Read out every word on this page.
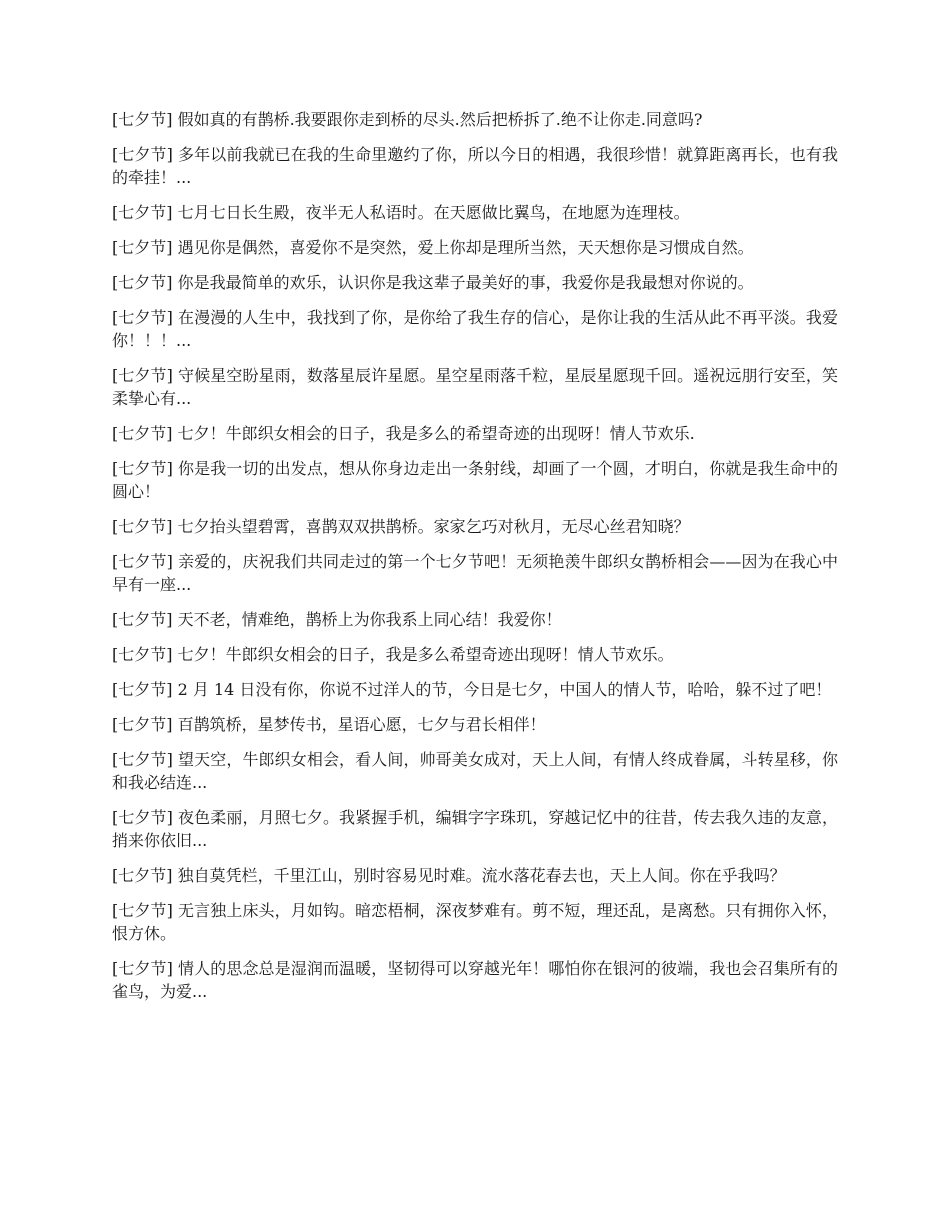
[七夕节] 假如真的有鹊桥.我要跟你走到桥的尽头.然后把桥拆了.绝不让你走.同意吗?

[七夕节] 多年以前我就已在我的生命里邀约了你，所以今日的相遇，我很珍惜！就算距离再长，也有我的牵挂！...

[七夕节] 七月七日长生殿，夜半无人私语时。在天愿做比翼鸟，在地愿为连理枝。

[七夕节] 遇见你是偶然，喜爱你不是突然，爱上你却是理所当然，天天想你是习惯成自然。

[七夕节] 你是我最简单的欢乐，认识你是我这辈子最美好的事，我爱你是我最想对你说的。

[七夕节] 在漫漫的人生中，我找到了你，是你给了我生存的信心，是你让我的生活从此不再平淡。我爱你！！！...

[七夕节] 守候星空盼星雨，数落星辰许星愿。星空星雨落千粒，星辰星愿现千回。遥祝远朋行安至，笑柔挚心有...

[七夕节] 七夕！牛郎织女相会的日子，我是多么的希望奇迹的出现呀！情人节欢乐.

[七夕节] 你是我一切的出发点，想从你身边走出一条射线，却画了一个圆，才明白，你就是我生命中的圆心！

[七夕节] 七夕抬头望碧霄，喜鹊双双拱鹊桥。家家乞巧对秋月，无尽心丝君知晓？

[七夕节] 亲爱的，庆祝我们共同走过的第一个七夕节吧！无须艳羡牛郎织女鹊桥相会——因为在我心中早有一座...

[七夕节] 天不老，情难绝，鹊桥上为你我系上同心结！我爱你！

[七夕节] 七夕！牛郎织女相会的日子，我是多么希望奇迹出现呀！情人节欢乐。

[七夕节] 2 月 14 日没有你，你说不过洋人的节，今日是七夕，中国人的情人节，哈哈，躲不过了吧！

[七夕节] 百鹊筑桥，星梦传书，星语心愿，七夕与君长相伴！

[七夕节] 望天空，牛郎织女相会，看人间，帅哥美女成对，天上人间，有情人终成眷属，斗转星移，你和我必结连...

[七夕节] 夜色柔丽，月照七夕。我紧握手机，编辑字字珠玑，穿越记忆中的往昔，传去我久违的友意，捎来你依旧...

[七夕节] 独自莫凭栏，千里江山，别时容易见时难。流水落花春去也，天上人间。你在乎我吗？

[七夕节] 无言独上床头，月如钩。暗恋梧桐，深夜梦难有。剪不短，理还乱，是离愁。只有拥你入怀，恨方休。

[七夕节] 情人的思念总是湿润而温暖，坚韧得可以穿越光年！哪怕你在银河的彼端，我也会召集所有的雀鸟，为爱...
